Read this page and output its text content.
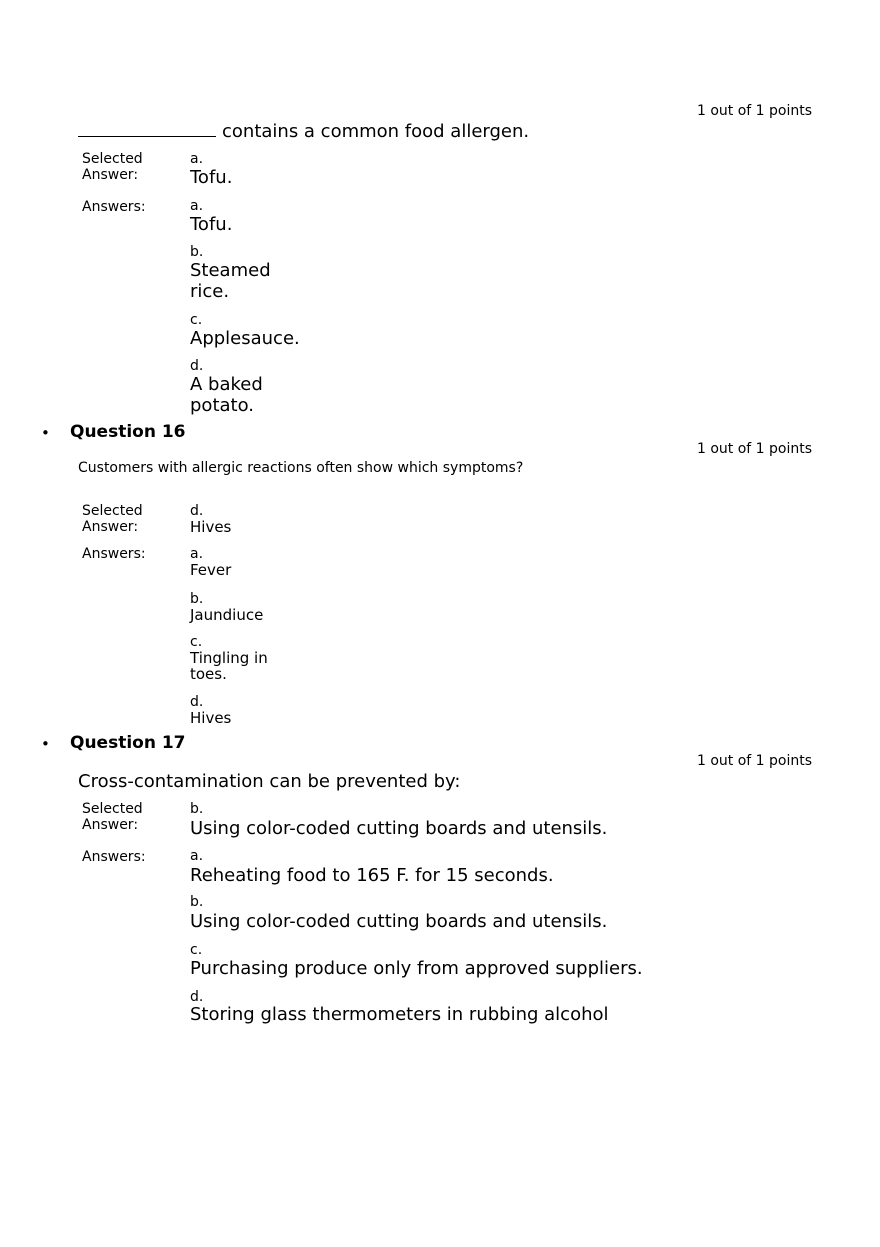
1 out of 1 points
contains a common food allergen.
Selected Answer:
a.
Tofu.
Answers:	a.
Tofu.
b.
Steamed
rice.
c.
Applesauce.
d.
A baked
potato.
• Question 16
1 out of 1 points
Customers with allergic reactions often show which symptoms?
Selected Answer:
d.
Hives
Answers:	a.
Fever
b.
Jaundiuce
c.
Tingling in
toes.
d.
Hives
• Question 17
1 out of 1 points
Cross-contamination can be prevented by:
Selected Answer:
b.
Using color-coded cutting boards and utensils.
Answers:	a.
Reheating food to 165 F. for 15 seconds.
b.
Using color-coded cutting boards and utensils.
c.
Purchasing produce only from approved suppliers.
d.
Storing glass thermometers in rubbing alcohol
